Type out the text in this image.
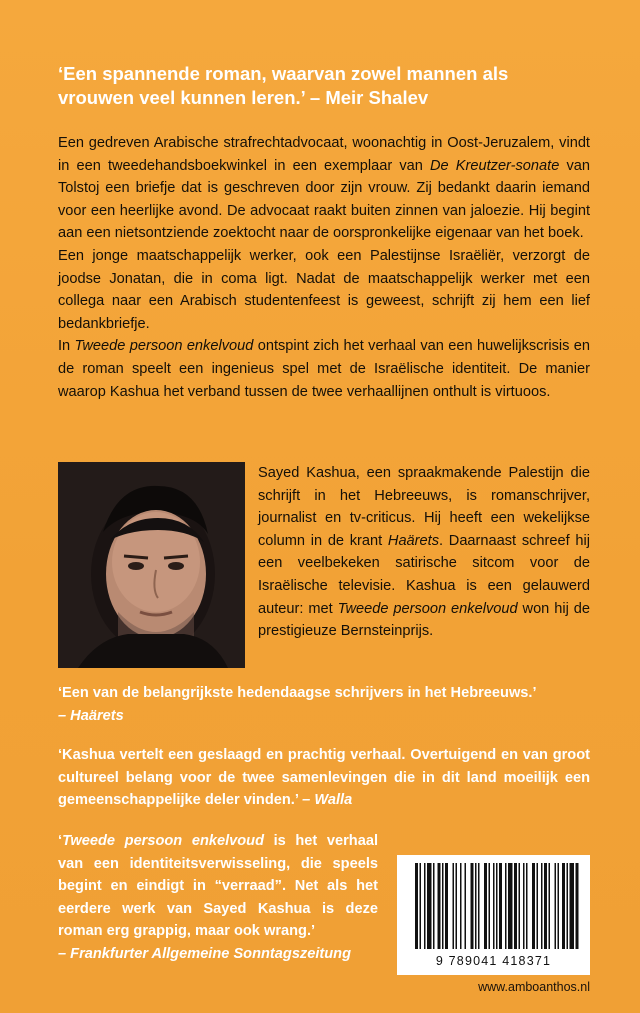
‘Een spannende roman, waarvan zowel mannen als vrouwen veel kunnen leren.’ – Meir Shalev

Een gedreven Arabische strafrechtadvocaat, woonachtig in Oost-Jeruzalem, vindt in een tweedehandsboekwinkel in een exemplaar van De Kreutzer-sonate van Tolstoj een briefje dat is geschreven door zijn vrouw. Zij bedankt daarin iemand voor een heerlijke avond. De advocaat raakt buiten zinnen van jaloezie. Hij begint aan een nietsontziende zoektocht naar de oorspronkelijke eigenaar van het boek.

Een jonge maatschappelijk werker, ook een Palestijnse Israëliër, verzorgt de joodse Jonatan, die in coma ligt. Nadat de maatschappelijk werker met een collega naar een Arabisch studentenfeest is geweest, schrijft zij hem een lief bedankbriefje.

In Tweede persoon enkelvoud ontspint zich het verhaal van een huwelijkscrisis en de roman speelt een ingenieus spel met de Israëlische identiteit. De manier waarop Kashua het verband tussen de twee verhaallijnen onthult is virtuoos.

Sayed Kashua, een spraakmakende Palestijn die schrijft in het Hebreeuws, is romanschrijver, journalist en tv-criticus. Hij heeft een wekelijkse column in de krant Haärets. Daarnaast schreef hij een veelbekeken satirische sitcom voor de Israëlische televisie. Kashua is een gelauwerd auteur: met Tweede persoon enkelvoud won hij de prestigieuze Bernsteinprijs.
‘Een van de belangrijkste hedendaagse schrijvers in het Hebreeuws.’
– Haärets
‘Kashua vertelt een geslaagd en prachtig verhaal. Overtuigend en van groot cultureel belang voor de twee samenlevingen die in dit land moeilijk een gemeenschappelijke deler vinden.’ – Walla
‘Tweede persoon enkelvoud is het verhaal van een identiteitsverwisseling, die speels begint en eindigt in “verraad”. Net als het eerdere werk van Sayed Kashua is deze roman erg grappig, maar ook wrang.’
– Frankfurter Allgemeine Sonntagszeitung	9 789041 418371
www.amboanthos.nl
